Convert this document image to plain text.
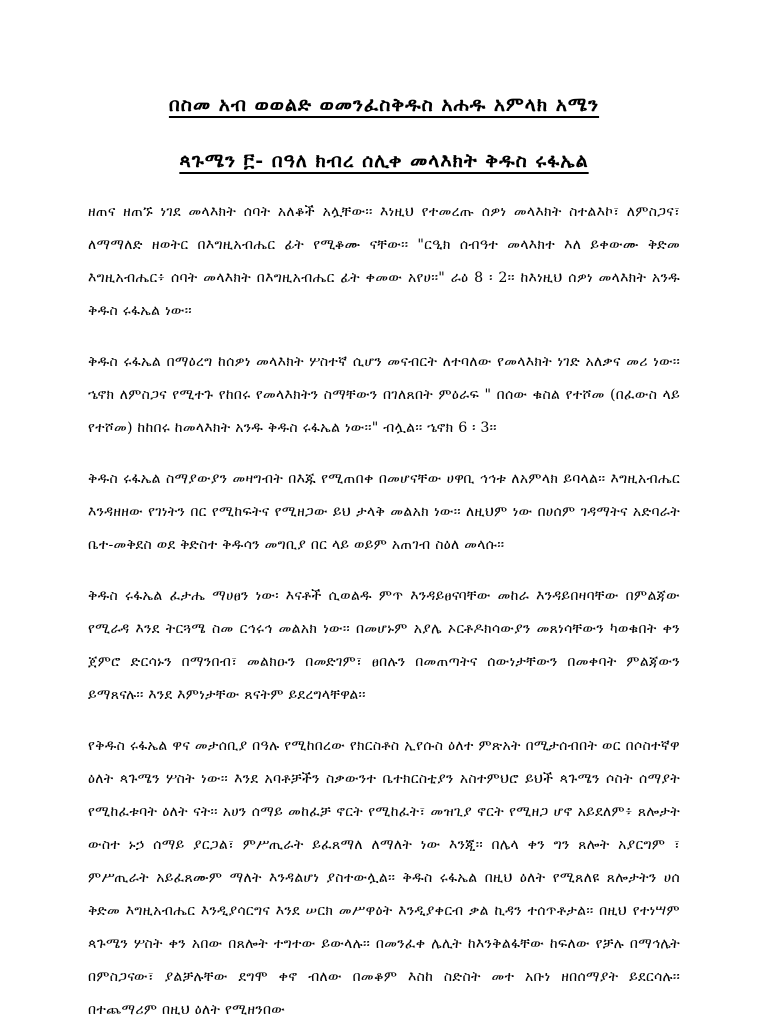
በስመ አብ ወወልድ ወመንፈስቅዱስ አሐዱ አምላክ አሜን
ጳጉሜን ፫- በዓለ ክብረ ሰሊቀ መላእክት ቅዱስ ሩፋኤል

ዘጠና ዘጠኙ ነገደ መላእክት ሰባት አለቆች አሏቸው፡፡ እነዚህ የተመረጡ ሰዎነ መላእክት ስተልእኮ፣ ለምስጋና፣ ለማማለድ ዘወትር በእግዚአብሔር ፊት የሚቆሙ ናቸው፡፡ "ርዒክ ሰብዓተ መላእክተ እለ ይቀውሙ ቅድመ እግዚአብሔር፥ ሰባት መላእክት በእግዚአብሔር ፊት ቀመው አየሀ፡፡" ራዕ 8 ፡ 2፡፡ ከእነዚህ ሰዎነ መላእክት አንዱ ቅዱስ ሩፋኤል ነው፡፡

ቅዱስ ሩፋኤል በማዕረግ ከሰዎነ መላእክት ሦስተኛ ሲሆን መናብርት ለተባለው የመላእክት ነገድ አለቃና መሪ ነው፡፡ ኄኖክ ለምስጋና የሚተጉ የከበሩ የመላእክትን ስማቸውን በገለጸበት ምዕራፍ " በሰው ቁስል የተሾመ (በፈውስ ላይ የተሾመ) ከከበሩ ከመላእክት አንዱ ቅዱስ ሩፋኤል ነው፡፡" ብሏል፡፡ ኄኖክ 6 ፡ 3፡፡

ቅዱስ ሩፋኤል ስማያውያን መዛግብት በእጁ የሚጠበቀ በመሆናቸው ሀዋቢ ኅኅቱ ለአምላክ ይባላል፡፡ እግዚአብሔር እንዳዘዘው የገነትን በር የሚከፍትና የሚዘጋው ይህ ታላቅ መልአክ ነው፡፡ ለዚህም ነው በሀሰም ገዳማትና አድባራት ቤተ-መቅደስ ወደ ቅድስተ ቅዱሳን መግቢያ በር ላይ ወይም አጠገብ ስዕለ መላሱ፡፡

ቅዱስ ሩፋኤል ፈታሔ ማሀፀን ነው፡ እናቶች ሲወልዱ ምጥ እንዳይፀናባቸው መከራ እንዳይበዛባቸው በምልጃው የሚራዳ እንደ ትርጓሜ ስመ ርኅሩኅ መልአክ ነው፡፡ በመሆኑም አያሌ ኦርቶዶክሳውያን መጸነሳቸውን ካወቁበት ቀን ጀምሮ ድርሳኑን በማንበብ፣ መልክዑን በመድገም፣ ፀበሉን በመጠጣትና ሰውነታቸውን በመቀባት ምልጃውን ይማጸናሉ፡፡ እንደ እምነታቸው ጸናትም ይደረግላቸዋል፡፡

የቅዱስ ሩፋኤል ዋና መታሰቢያ በዓሉ የሚከበረው የክርስቶስ ኢየሱስ ዕለተ ምጽአት በሚታሰብበት ወር በሶስተኛዋ ዕለት ጳጉሜን ሦስት ነው፡፡ እንደ አባቶቻችን ስቃውንተ ቤተክርስቲያን አስተምህሮ ይህች ጳጉሜን ሶስት ሰማያት የሚከፈቱባት ዕለት ናት፡፡ አሀን ሰማይ መከፈቻ ኖርት የሚከፈት፣ መዝጊያ ኖርት የሚዘጋ ሆኖ አይደለም፥ ጸሎታት ውስተ ኑኃ ሰማይ ያርጋል፣ ምሥጢራት ይፈጸማለ ለማለት ነው እንጂ፡፡ በሌላ ቀን ግን ጸሎት አያርግም ፣ ምሥጢራት አይፈጸሙም ማለት እንዳልሆነ ያስተውሏል፡፡ ቅዱስ ሩፋኤል በዚህ ዕለት የሚጸለዩ ጸሎታትን ሀሰ ቅድመ እግዚአብሔር እንዲያሳርግና እንደ ሠርክ መሥዋዕት እንዲያቀርብ ቃል ኪዳን ተሰጥቶታል፡፡ በዚህ የተነሣም ጳጉሜን ሦስት ቀን አበው በጸሎት ተግተው ይውላሉ፡፡ በመንፈቀ ሌሊት ከእንቅልፋቸው ከፍለው የቻሉ በማኅሌት በምስጋናው፣ ያልቻሉቸው ደግሞ ቀኖ ብለው በመቆም እስከ ስድስት መተ አቡነ ዘበሰማያት ይደርሳሉ፡፡ በተጨማሪም በዚህ ዕለት የሚዘንበው
